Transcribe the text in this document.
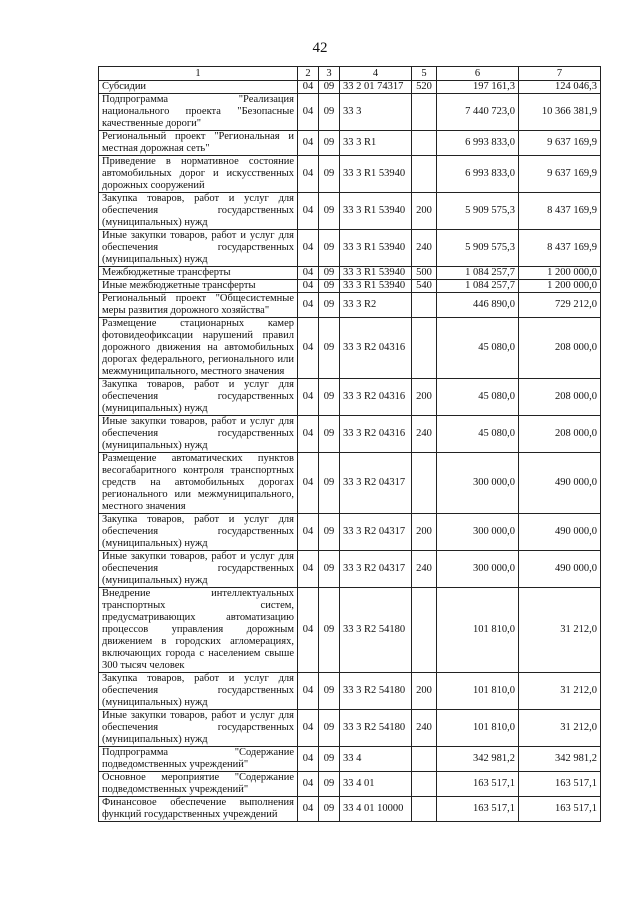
42
1	2	3	4	5	6	7
Субсидии	04	09	33 2 01 74317	520	197 161,3	124 046,3
Подпрограмма "Реализация национального проекта "Безопасные качественные дороги"	04	09	33 3		7 440 723,0	10 366 381,9
Региональный проект "Региональная и местная дорожная сеть"	04	09	33 3 R1		6 993 833,0	9 637 169,9
Приведение в нормативное состояние автомобильных дорог и искусственных дорожных сооружений	04	09	33 3 R1 53940		6 993 833,0	9 637 169,9
Закупка товаров, работ и услуг для обеспечения государственных (муниципальных) нужд	04	09	33 3 R1 53940	200	5 909 575,3	8 437 169,9
Иные закупки товаров, работ и услуг для обеспечения государственных (муниципальных) нужд	04	09	33 3 R1 53940	240	5 909 575,3	8 437 169,9
Межбюджетные трансферты	04	09	33 3 R1 53940	500	1 084 257,7	1 200 000,0
Иные межбюджетные трансферты	04	09	33 3 R1 53940	540	1 084 257,7	1 200 000,0
Региональный проект "Общесистемные меры развития дорожного хозяйства"	04	09	33 3 R2		446 890,0	729 212,0
Размещение стационарных камер фотовидеофиксации нарушений правил дорожного движения на автомобильных дорогах федерального, регионального или межмуниципального, местного значения	04	09	33 3 R2 04316		45 080,0	208 000,0
Закупка товаров, работ и услуг для обеспечения государственных (муниципальных) нужд	04	09	33 3 R2 04316	200	45 080,0	208 000,0
Иные закупки товаров, работ и услуг для обеспечения государственных (муниципальных) нужд	04	09	33 3 R2 04316	240	45 080,0	208 000,0
Размещение автоматических пунктов весогабаритного контроля транспортных средств на автомобильных дорогах регионального или межмуниципального, местного значения	04	09	33 3 R2 04317		300 000,0	490 000,0
Закупка товаров, работ и услуг для обеспечения государственных (муниципальных) нужд	04	09	33 3 R2 04317	200	300 000,0	490 000,0
Иные закупки товаров, работ и услуг для обеспечения государственных (муниципальных) нужд	04	09	33 3 R2 04317	240	300 000,0	490 000,0
Внедрение интеллектуальных транспортных систем, предусматривающих автоматизацию процессов управления дорожным движением в городских агломерациях, включающих города с населением свыше 300 тысяч человек	04	09	33 3 R2 54180		101 810,0	31 212,0
Закупка товаров, работ и услуг для обеспечения государственных (муниципальных) нужд	04	09	33 3 R2 54180	200	101 810,0	31 212,0
Иные закупки товаров, работ и услуг для обеспечения государственных (муниципальных) нужд	04	09	33 3 R2 54180	240	101 810,0	31 212,0
Подпрограмма "Содержание подведомственных учреждений"	04	09	33 4		342 981,2	342 981,2
Основное мероприятие "Содержание подведомственных учреждений"	04	09	33 4 01		163 517,1	163 517,1
Финансовое обеспечение выполнения функций государственных учреждений	04	09	33 4 01 10000		163 517,1	163 517,1
